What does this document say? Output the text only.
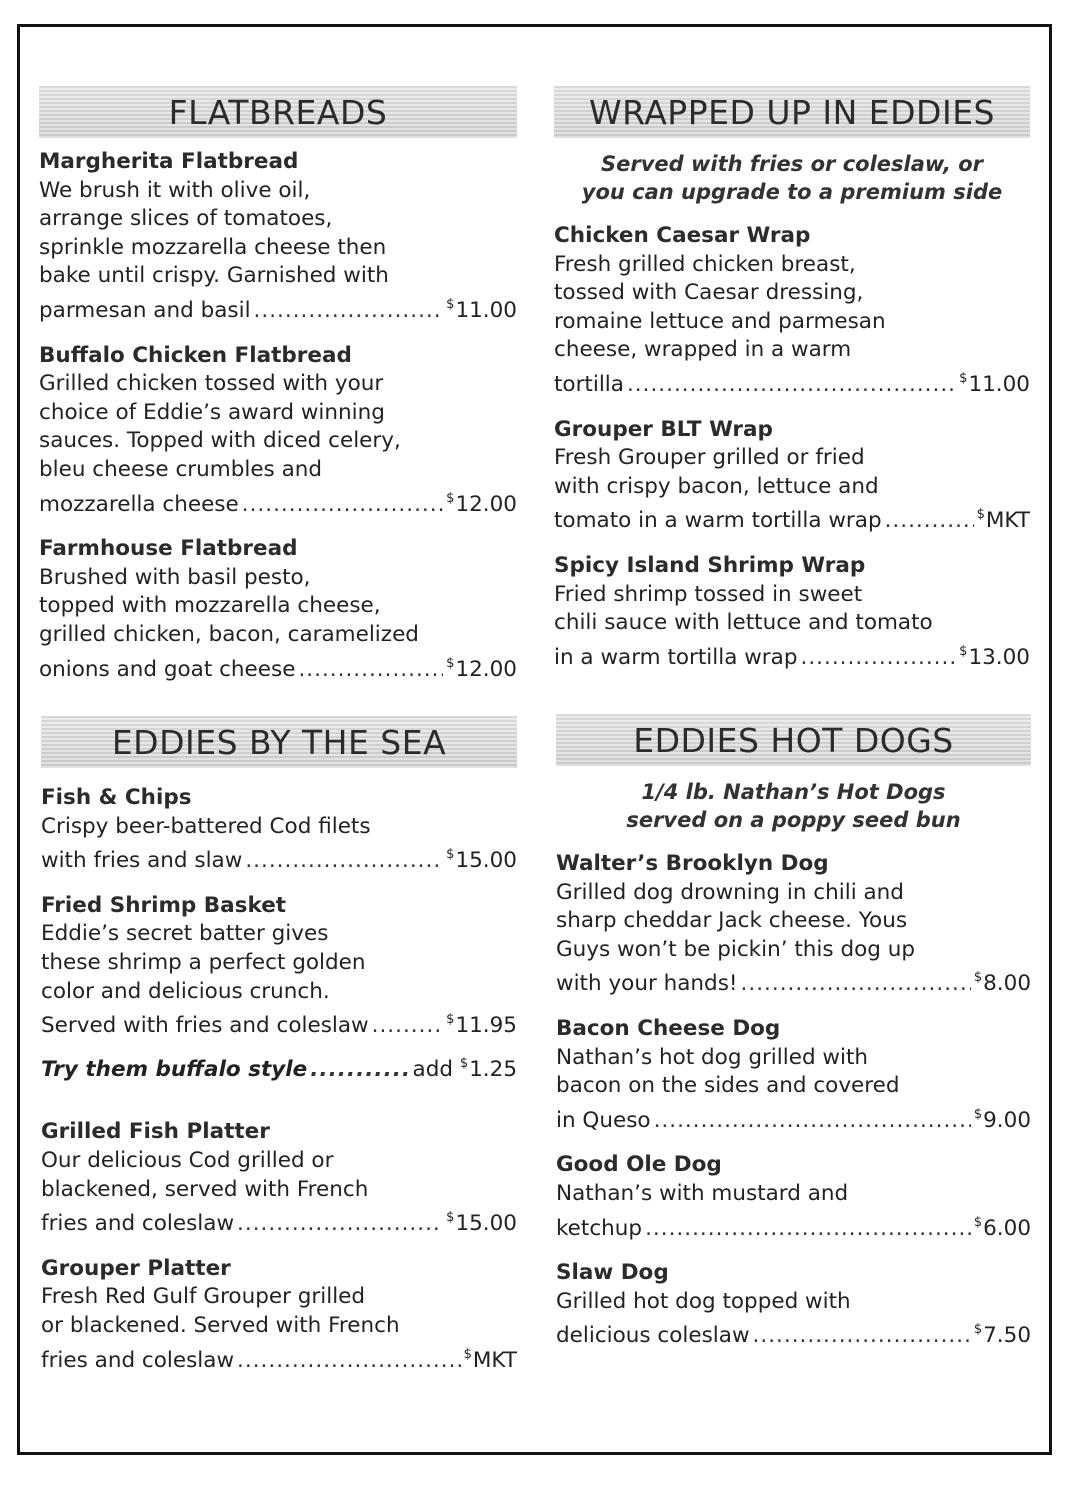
FLATBREADS
Margherita Flatbread
We brush it with olive oil,
arrange slices of tomatoes,
sprinkle mozzarella cheese then
bake until crispy. Garnished with
parmesan and basil .....	$11.00
Buffalo Chicken Flatbread
Grilled chicken tossed with your
choice of Eddie’s award winning
sauces. Topped with diced celery,
bleu cheese crumbles and
mozzarella cheese .....	$12.00
Farmhouse Flatbread
Brushed with basil pesto,
topped with mozzarella cheese,
grilled chicken, bacon, caramelized
onions and goat cheese .....	$12.00
WRAPPED UP IN EDDIES
Served with fries or coleslaw, or
you can upgrade to a premium side
Chicken Caesar Wrap
Fresh grilled chicken breast,
tossed with Caesar dressing,
romaine lettuce and parmesan
cheese, wrapped in a warm
tortilla .....	$11.00
Grouper BLT Wrap
Fresh Grouper grilled or fried
with crispy bacon, lettuce and
tomato in a warm tortilla wrap .....	$MKT
Spicy Island Shrimp Wrap
Fried shrimp tossed in sweet
chili sauce with lettuce and tomato
in a warm tortilla wrap .....	$13.00
EDDIES BY THE SEA
Fish & Chips
Crispy beer-battered Cod filets
with fries and slaw .....	$15.00
Fried Shrimp Basket
Eddie’s secret batter gives
these shrimp a perfect golden
color and delicious crunch.
Served with fries and coleslaw .....	$11.95
Try them buffalo style .....	add $1.25
Grilled Fish Platter
Our delicious Cod grilled or
blackened, served with French
fries and coleslaw .....	$15.00
Grouper Platter
Fresh Red Gulf Grouper grilled
or blackened. Served with French
fries and coleslaw .....	$MKT
EDDIES HOT DOGS
1/4 lb. Nathan’s Hot Dogs
served on a poppy seed bun
Walter’s Brooklyn Dog
Grilled dog drowning in chili and
sharp cheddar Jack cheese. Yous
Guys won’t be pickin’ this dog up
with your hands! .....	$8.00
Bacon Cheese Dog
Nathan’s hot dog grilled with
bacon on the sides and covered
in Queso .....	$9.00
Good Ole Dog
Nathan’s with mustard and
ketchup .....	$6.00
Slaw Dog
Grilled hot dog topped with
delicious coleslaw .....	$7.50
